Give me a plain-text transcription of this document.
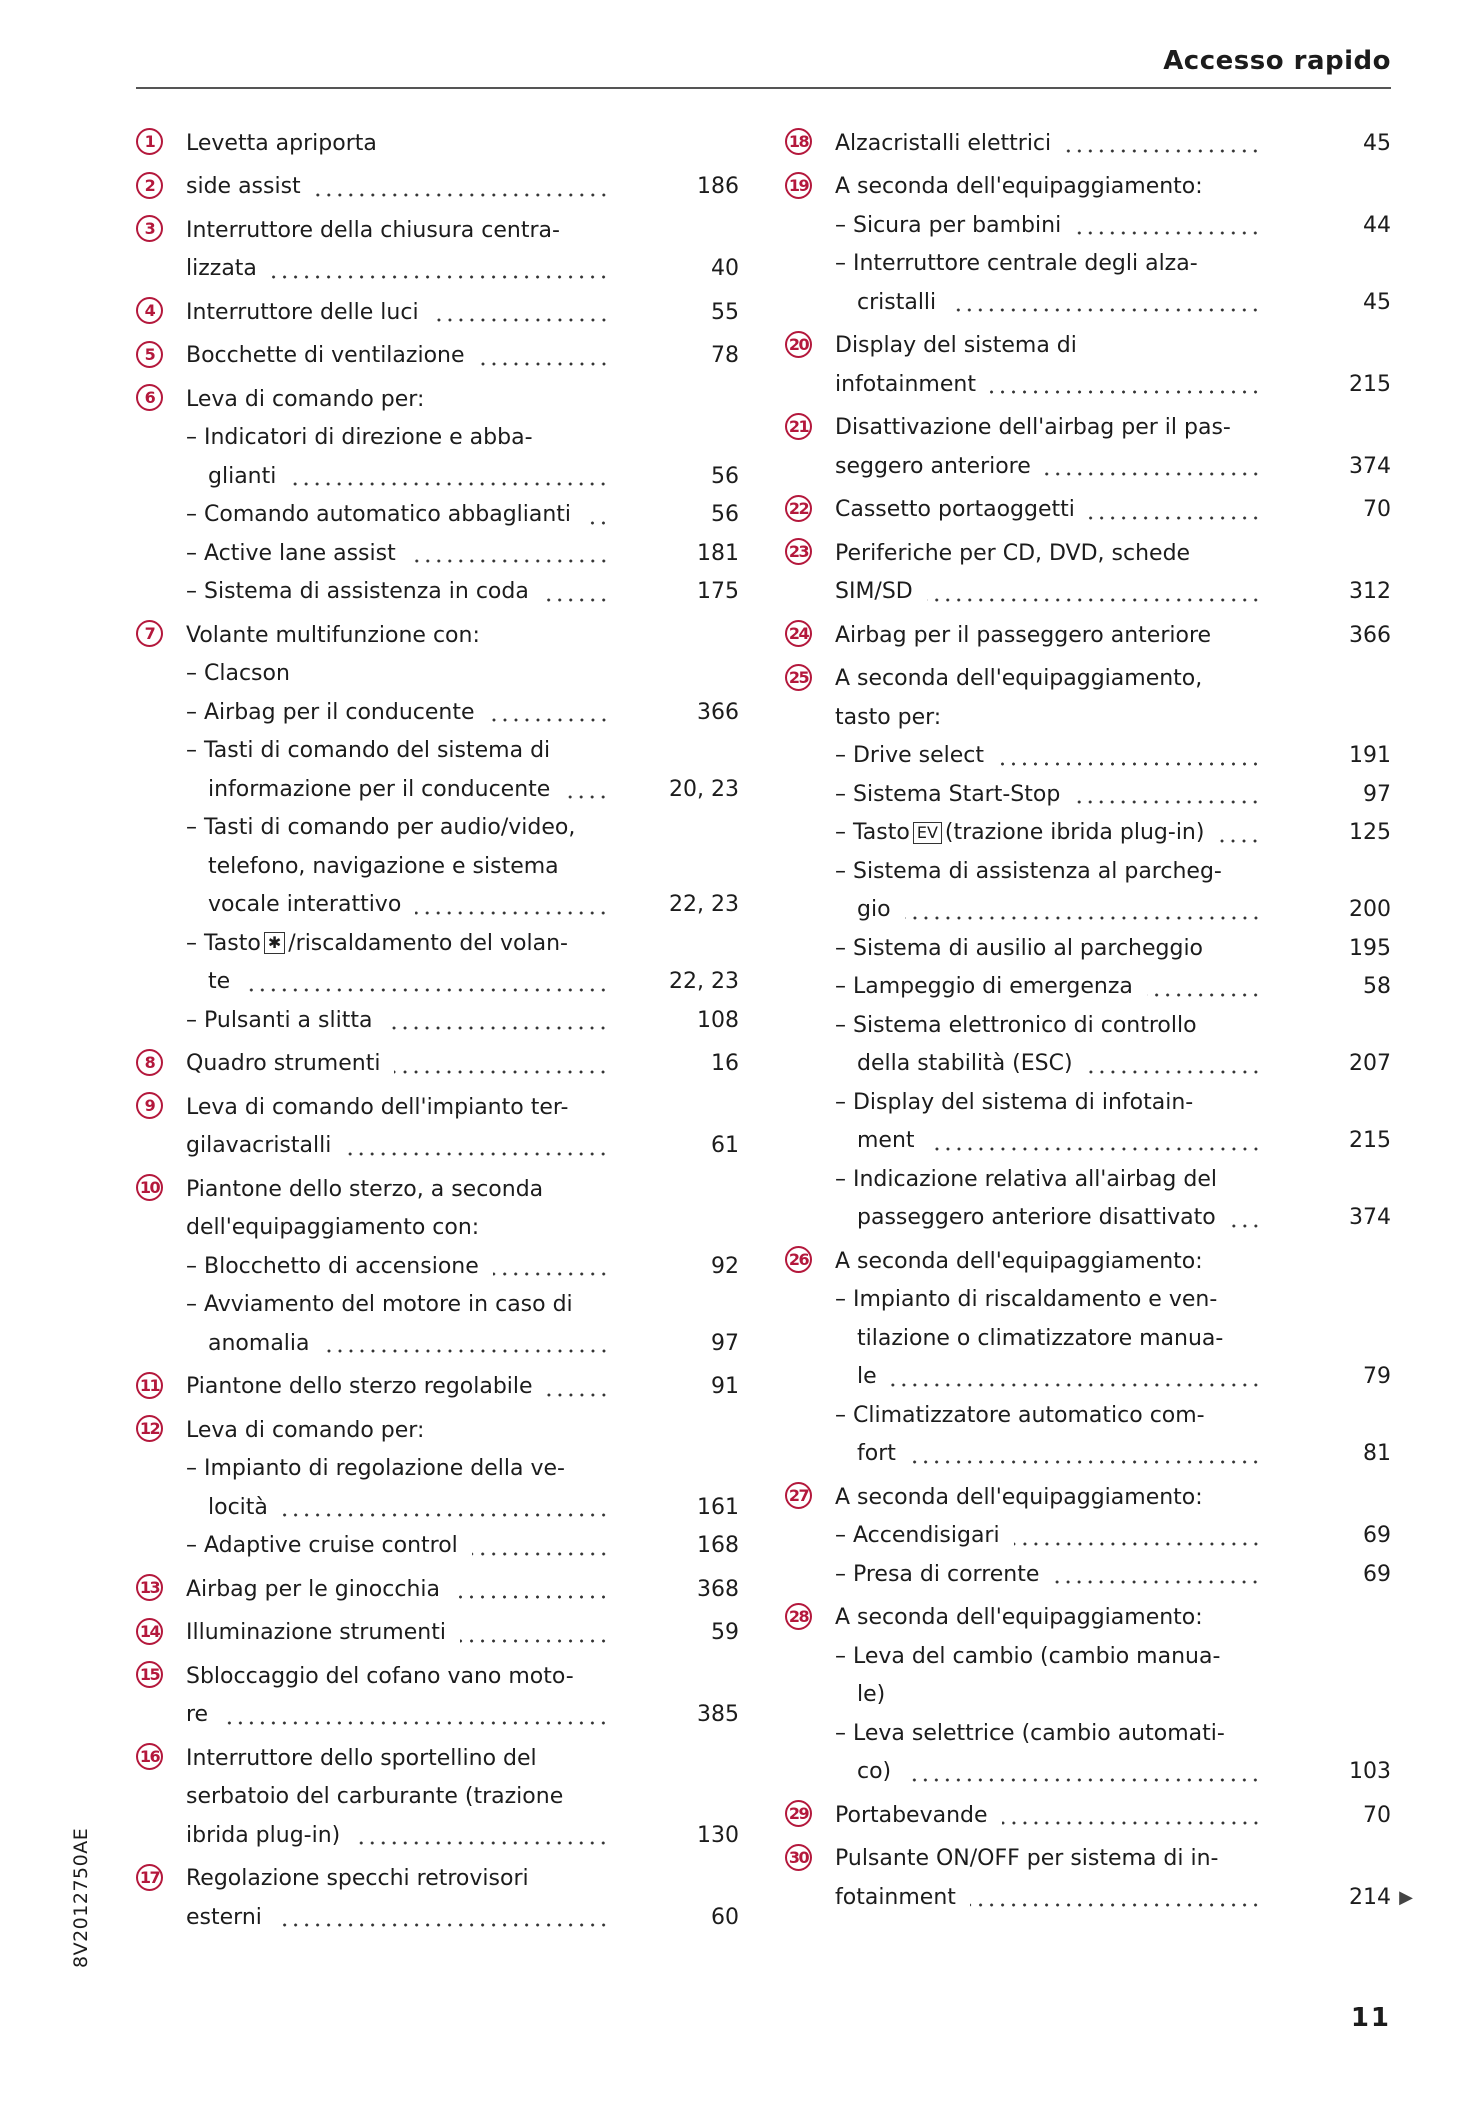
Accesso rapido
1	Levetta apriporta
2	side assist	186
3	Interruttore della chiusura centra-
lizzata	40
4	Interruttore delle luci	55
5	Bocchette di ventilazione	78
6	Leva di comando per:
– Indicatori di direzione e abba-
glianti	56
– Comando automatico abbaglianti	56
– Active lane assist	181
– Sistema di assistenza in coda	175
7	Volante multifunzione con:
– Clacson
– Airbag per il conducente	366
– Tasti di comando del sistema di
informazione per il conducente	20, 23
– Tasti di comando per audio/video,
telefono, navigazione e sistema
vocale interattivo	22, 23
– Tasto ✱ /riscaldamento del volan-
te	22, 23
– Pulsanti a slitta	108
8	Quadro strumenti	16
9	Leva di comando dell'impianto ter-
gilavacristalli	61
10 Piantone dello sterzo, a seconda
dell'equipaggiamento con:
– Blocchetto di accensione	92
– Avviamento del motore in caso di
anomalia	97
11 Piantone dello sterzo regolabile	91
12 Leva di comando per:
– Impianto di regolazione della ve-
locità	161
– Adaptive cruise control	168
13 Airbag per le ginocchia	368
14 Illuminazione strumenti	59
15 Sbloccaggio del cofano vano moto-
re	385
16 Interruttore dello sportellino del
serbatoio del carburante (trazione
ibrida plug-in)	130
17 Regolazione specchi retrovisori
esterni	60
18 Alzacristalli elettrici	45
19 A seconda dell'equipaggiamento:
– Sicura per bambini	44
– Interruttore centrale degli alza-
cristalli	45
20 Display del sistema di
infotainment	215
21 Disattivazione dell'airbag per il pas-
seggero anteriore	374
22 Cassetto portaoggetti	70
23 Periferiche per CD, DVD, schede
SIM/SD	312
24 Airbag per il passeggero anteriore	366
25 A seconda dell'equipaggiamento,
tasto per:
– Drive select	191
– Sistema Start-Stop	97
– Tasto EV (trazione ibrida plug-in)	125
– Sistema di assistenza al parcheg-
gio	200
– Sistema di ausilio al parcheggio	195
– Lampeggio di emergenza	58
– Sistema elettronico di controllo
della stabilità (ESC)	207
– Display del sistema di infotain-
ment	215
– Indicazione relativa all'airbag del
passeggero anteriore disattivato	374
26 A seconda dell'equipaggiamento:
– Impianto di riscaldamento e ven-
tilazione o climatizzatore manua-
le	79
– Climatizzatore automatico com-
fort	81
27 A seconda dell'equipaggiamento:
– Accendisigari	69
– Presa di corrente	69
28 A seconda dell'equipaggiamento:
– Leva del cambio (cambio manua-
le)
– Leva selettrice (cambio automati-
co)	103
29 Portabevande	70
30 Pulsante ON/OFF per sistema di in-
fotainment	214 ▶
8V2012750AE
11
